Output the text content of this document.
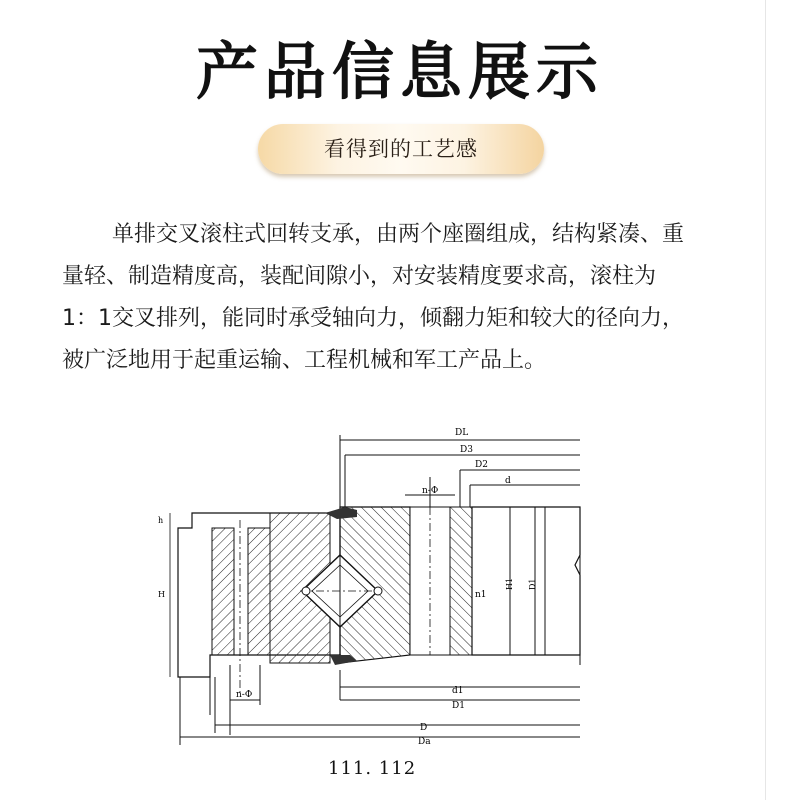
产品信息展示
看得到的工艺感
单排交叉滚柱式回转支承，由两个座圈组成，结构紧凑、重
量轻、制造精度高，装配间隙小，对安装精度要求高，滚柱为
1：1交叉排列，能同时承受轴向力，倾翻力矩和较大的径向力，
被广泛地用于起重运输、工程机械和军工产品上。
DL
D3
D2
d
n-Φ
h
H	n1
H1 D1
n-Φ	d1
D1
D
Da
111. 112
